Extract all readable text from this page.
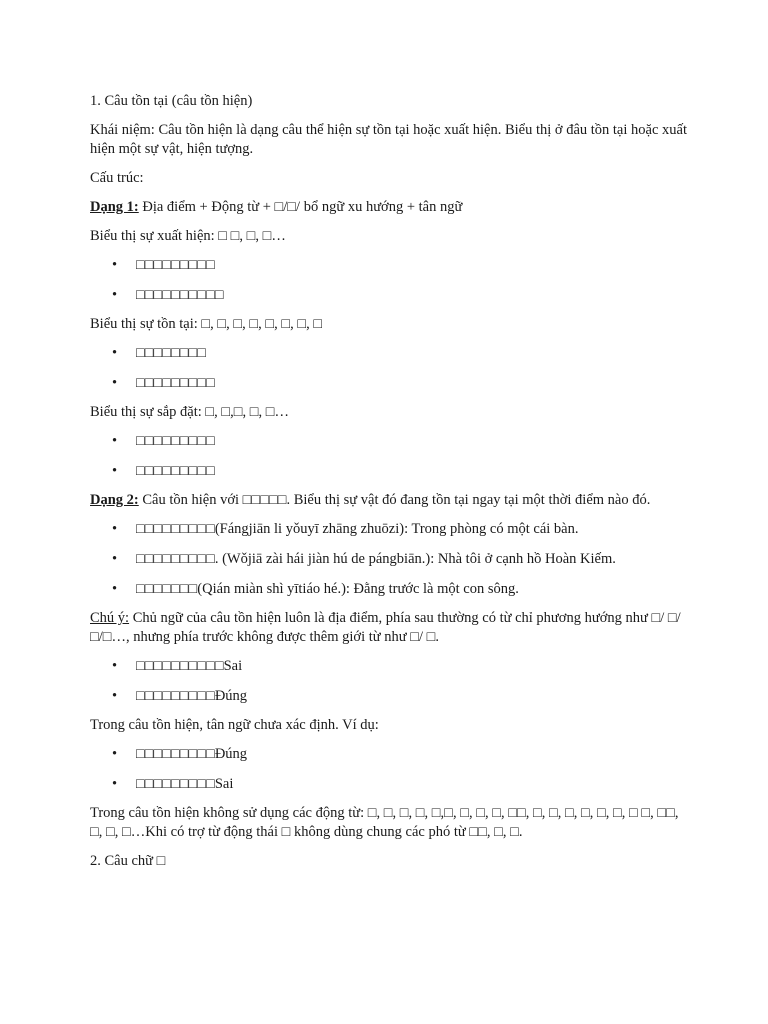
1. Câu tồn tại (câu tồn hiện)

Khái niệm: Câu tồn hiện là dạng câu thể hiện sự tồn tại hoặc xuất hiện. Biểu thị ở đâu tồn tại hoặc xuất hiện một sự vật, hiện tượng.

Cấu trúc:

Dạng 1: Địa điểm + Động từ + □/□/ bổ ngữ xu hướng + tân ngữ

Biểu thị sự xuất hiện: □ □, □, □…

• □□□□□□□□□
• □□□□□□□□□□

Biểu thị sự tồn tại: □, □, □, □, □, □, □, □

• □□□□□□□□
• □□□□□□□□□

Biểu thị sự sắp đặt: □, □,□, □, □…

• □□□□□□□□□
• □□□□□□□□□

Dạng 2: Câu tồn hiện với □□□□□. Biểu thị sự vật đó đang tồn tại ngay tại một thời điểm nào đó.

• □□□□□□□□□(Fángjiān li yǒuyī zhāng zhuōzi): Trong phòng có một cái bàn.
• □□□□□□□□□. (Wǒjiā zài hái jiàn hú de pángbiān.): Nhà tôi ở cạnh hồ Hoàn Kiếm.
• □□□□□□□(Qián miàn shì yītiáo hé.): Đằng trước là một con sông.

Chú ý: Chủ ngữ của câu tồn hiện luôn là địa điểm, phía sau thường có từ chỉ phương hướng như □/ □/ □/□…, nhưng phía trước không được thêm giới từ như □/ □.

• □□□□□□□□□□Sai
• □□□□□□□□□Đúng

Trong câu tồn hiện, tân ngữ chưa xác định. Ví dụ:

• □□□□□□□□□Đúng
• □□□□□□□□□Sai

Trong câu tồn hiện không sử dụng các động từ: □, □, □, □, □,□, □, □, □, □□, □, □, □, □, □, □, □ □, □□, □, □, □…Khi có trợ từ động thái □ không dùng chung các phó từ □□, □, □.

2. Câu chữ □
